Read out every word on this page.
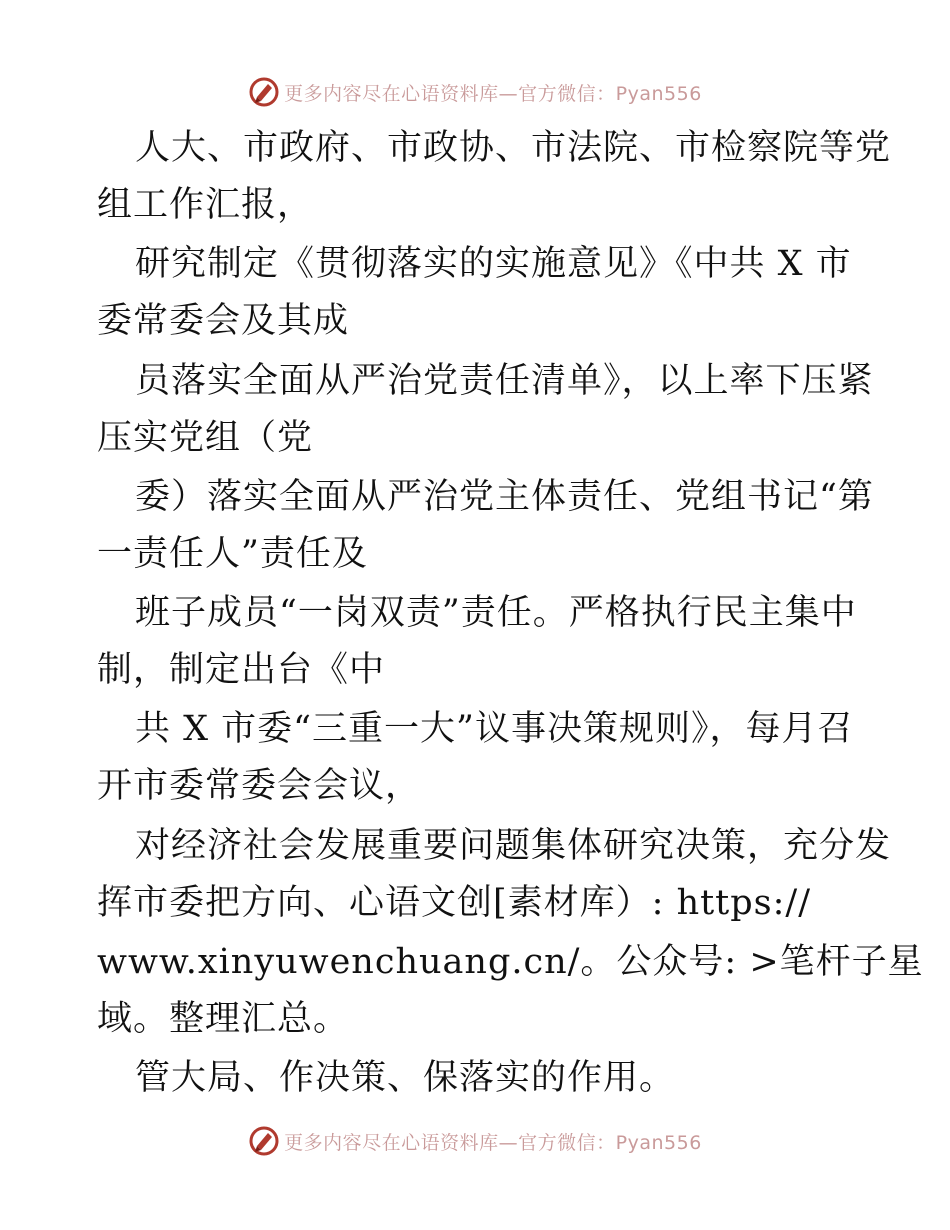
更多内容尽在心语资料库—官方微信：Pyan556
人大、市政府、市政协、市法院、市检察院等党
组工作汇报，
研究制定《贯彻落实的实施意见》《中共 X 市
委常委会及其成
员落实全面从严治党责任清单》，以上率下压紧
压实党组（党
委）落实全面从严治党主体责任、党组书记“第
一责任人”责任及
班子成员“一岗双责”责任。严格执行民主集中
制，制定出台《中
共 X 市委“三重一大”议事决策规则》，每月召
开市委常委会会议，
对经济社会发展重要问题集体研究决策，充分发
挥市委把方向、心语文创[素材库）: https://
www.xinyuwenchuang.cn/。公众号: >笔杆子星
域。整理汇总。
管大局、作决策、保落实的作用。
更多内容尽在心语资料库—官方微信：Pyan556
